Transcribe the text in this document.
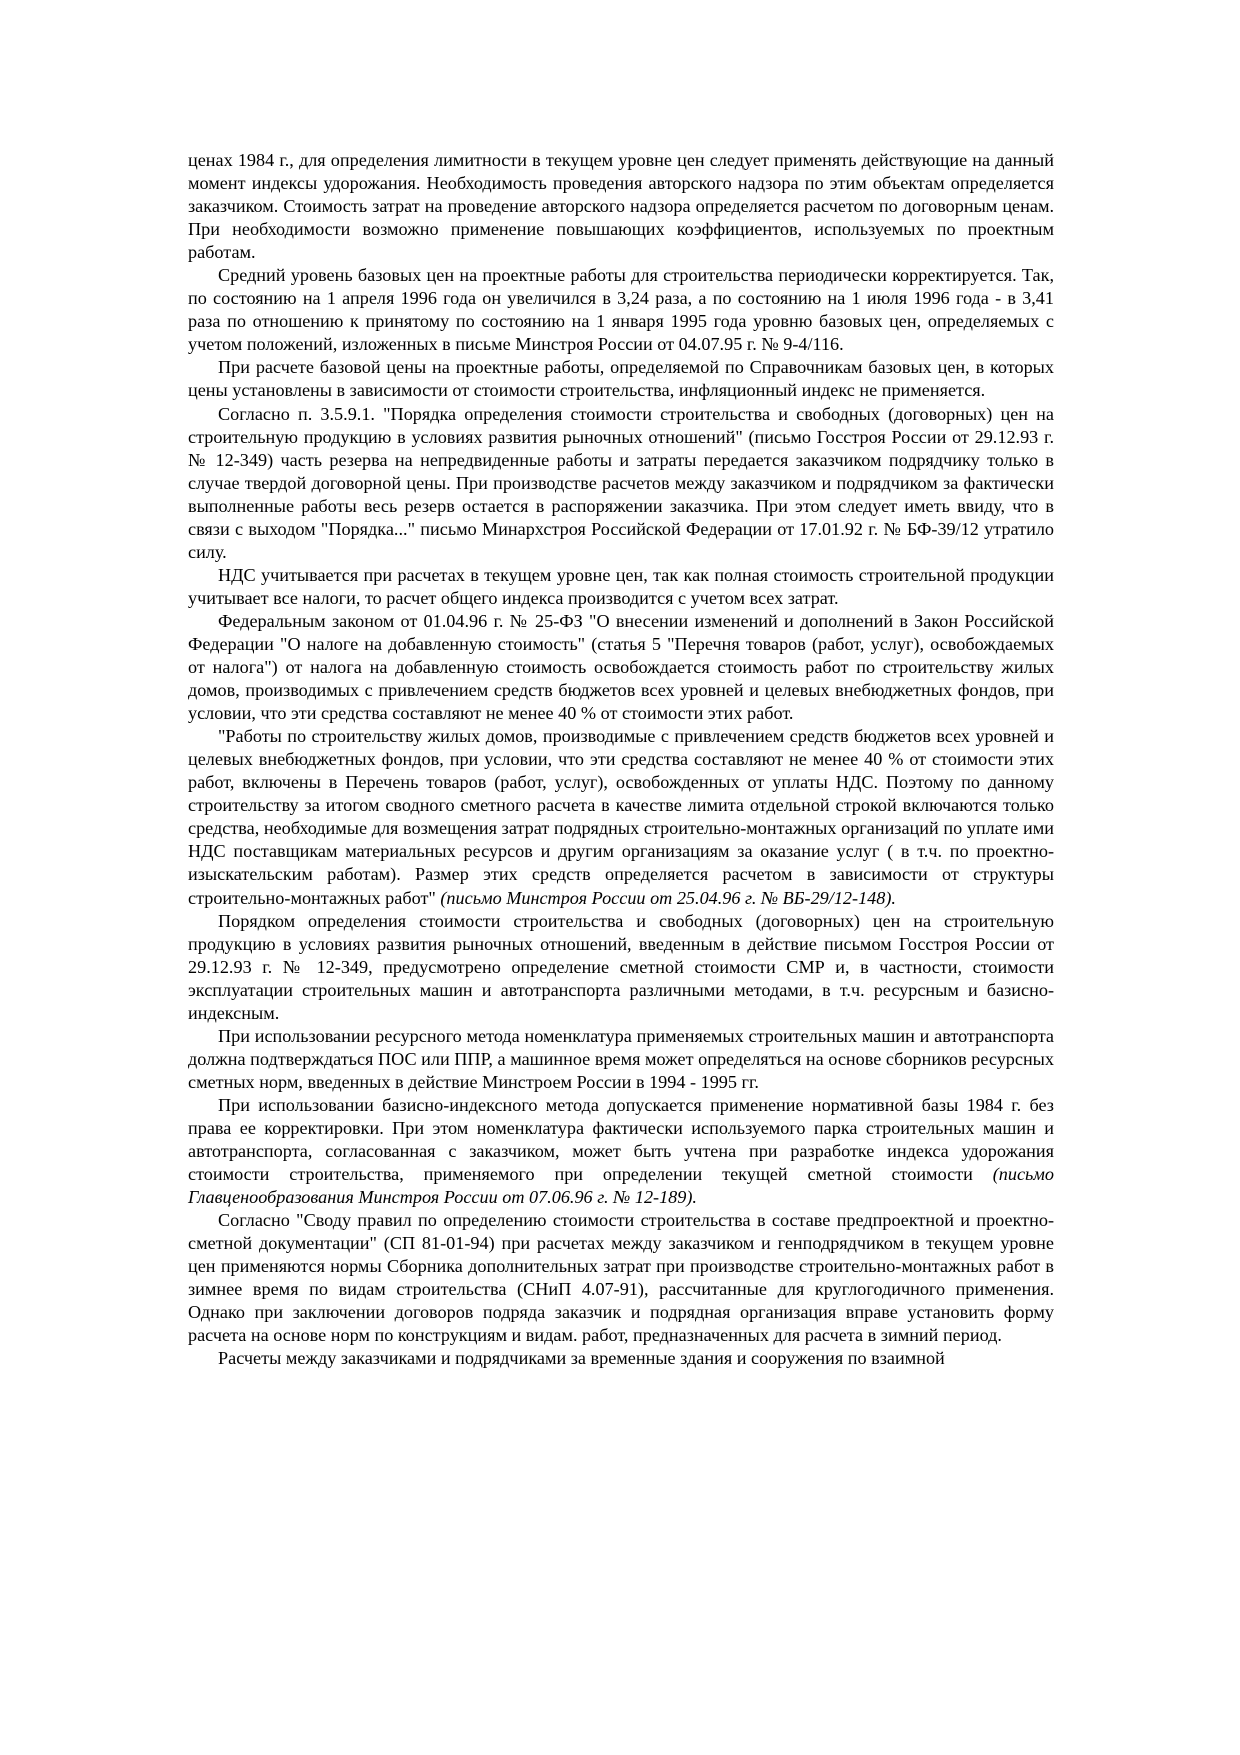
ценах 1984 г., для определения лимитности в текущем уровне цен следует применять действующие на данный момент индексы удорожания. Необходимость проведения авторского надзора по этим объектам определяется заказчиком. Стоимость затрат на проведение авторского надзора определяется расчетом по договорным ценам. При необходимости возможно применение повышающих коэффициентов, используемых по проектным работам.

Средний уровень базовых цен на проектные работы для строительства периодически корректируется. Так, по состоянию на 1 апреля 1996 года он увеличился в 3,24 раза, а по состоянию на 1 июля 1996 года - в 3,41 раза по отношению к принятому по состоянию на 1 января 1995 года уровню базовых цен, определяемых с учетом положений, изложенных в письме Минстроя России от 04.07.95 г. № 9-4/116.

При расчете базовой цены на проектные работы, определяемой по Справочникам базовых цен, в которых цены установлены в зависимости от стоимости строительства, инфляционный индекс не применяется.

Согласно п. 3.5.9.1. "Порядка определения стоимости строительства и свободных (договорных) цен на строительную продукцию в условиях развития рыночных отношений" (письмо Госстроя России от 29.12.93 г. № 12-349) часть резерва на непредвиденные работы и затраты передается заказчиком подрядчику только в случае твердой договорной цены. При производстве расчетов между заказчиком и подрядчиком за фактически выполненные работы весь резерв остается в распоряжении заказчика. При этом следует иметь ввиду, что в связи с выходом "Порядка..." письмо Минархстроя Российской Федерации от 17.01.92 г. № БФ-39/12 утратило силу.

НДС учитывается при расчетах в текущем уровне цен, так как полная стоимость строительной продукции учитывает все налоги, то расчет общего индекса производится с учетом всех затрат.

Федеральным законом от 01.04.96 г. № 25-ФЗ "О внесении изменений и дополнений в Закон Российской Федерации "О налоге на добавленную стоимость" (статья 5 "Перечня товаров (работ, услуг), освобождаемых от налога") от налога на добавленную стоимость освобождается стоимость работ по строительству жилых домов, производимых с привлечением средств бюджетов всех уровней и целевых внебюджетных фондов, при условии, что эти средства составляют не менее 40 % от стоимости этих работ.

"Работы по строительству жилых домов, производимые с привлечением средств бюджетов всех уровней и целевых внебюджетных фондов, при условии, что эти средства составляют не менее 40 % от стоимости этих работ, включены в Перечень товаров (работ, услуг), освобожденных от уплаты НДС. Поэтому по данному строительству за итогом сводного сметного расчета в качестве лимита отдельной строкой включаются только средства, необходимые для возмещения затрат подрядных строительно-монтажных организаций по уплате ими НДС поставщикам материальных ресурсов и другим организациям за оказание услуг ( в т.ч. по проектно-изыскательским работам). Размер этих средств определяется расчетом в зависимости от структуры строительно-монтажных работ" (письмо Минстроя России от 25.04.96 г. № ВБ-29/12-148).

Порядком определения стоимости строительства и свободных (договорных) цен на строительную продукцию в условиях развития рыночных отношений, введенным в действие письмом Госстроя России от 29.12.93 г. № 12-349, предусмотрено определение сметной стоимости СМР и, в частности, стоимости эксплуатации строительных машин и автотранспорта различными методами, в т.ч. ресурсным и базисно-индексным.

При использовании ресурсного метода номенклатура применяемых строительных машин и автотранспорта должна подтверждаться ПОС или ППР, а машинное время может определяться на основе сборников ресурсных сметных норм, введенных в действие Минстроем России в 1994 - 1995 гг.

При использовании базисно-индексного метода допускается применение нормативной базы 1984 г. без права ее корректировки. При этом номенклатура фактически используемого парка строительных машин и автотранспорта, согласованная с заказчиком, может быть учтена при разработке индекса удорожания стоимости строительства, применяемого при определении текущей сметной стоимости (письмо Главценообразования Минстроя России от 07.06.96 г. № 12-189).

Согласно "Своду правил по определению стоимости строительства в составе предпроектной и проектно-сметной документации" (СП 81-01-94) при расчетах между заказчиком и генподрядчиком в текущем уровне цен применяются нормы Сборника дополнительных затрат при производстве строительно-монтажных работ в зимнее время по видам строительства (СНиП 4.07-91), рассчитанные для круглогодичного применения. Однако при заключении договоров подряда заказчик и подрядная организация вправе установить форму расчета на основе норм по конструкциям и видам. работ, предназначенных для расчета в зимний период.

Расчеты между заказчиками и подрядчиками за временные здания и сооружения по взаимной
